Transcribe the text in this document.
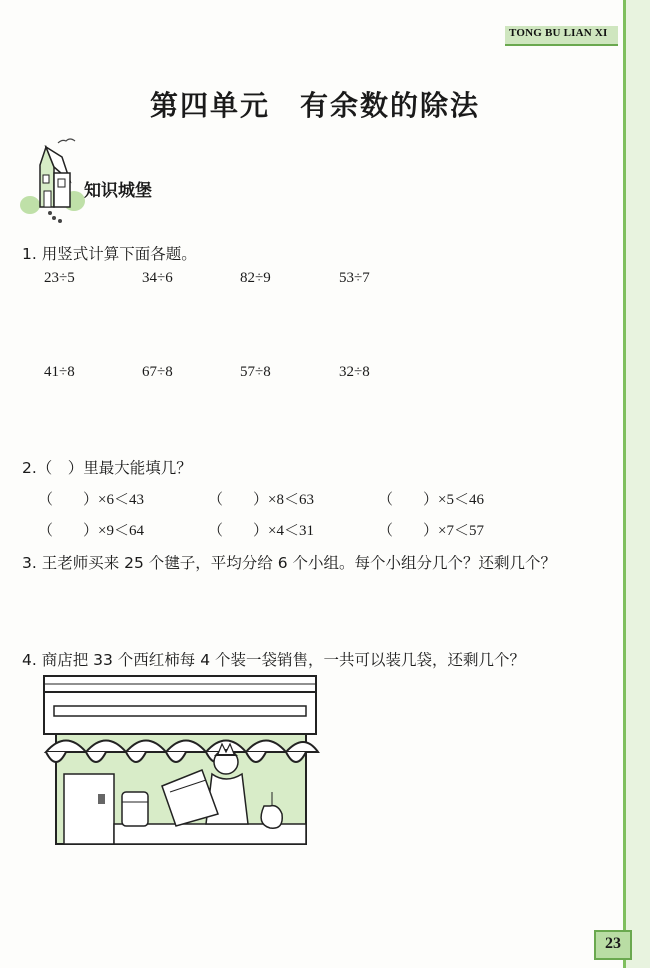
TONG BU LIAN XI
第四单元　有余数的除法
知识城堡
1. 用竖式计算下面各题。
23÷5	34÷6	82÷9	53÷7
41÷8	67÷8	57÷8	32÷8
2.（　）里最大能填几？
（　　）×6＜43	（　　）×8＜63	（　　）×5＜46
（　　）×9＜64	（　　）×4＜31	（　　）×7＜57
3. 王老师买来 25 个毽子，平均分给 6 个小组。每个小组分几个？还剩几个？
4. 商店把 33 个西红柿每 4 个装一袋销售，一共可以装几袋，还剩几个？
23
